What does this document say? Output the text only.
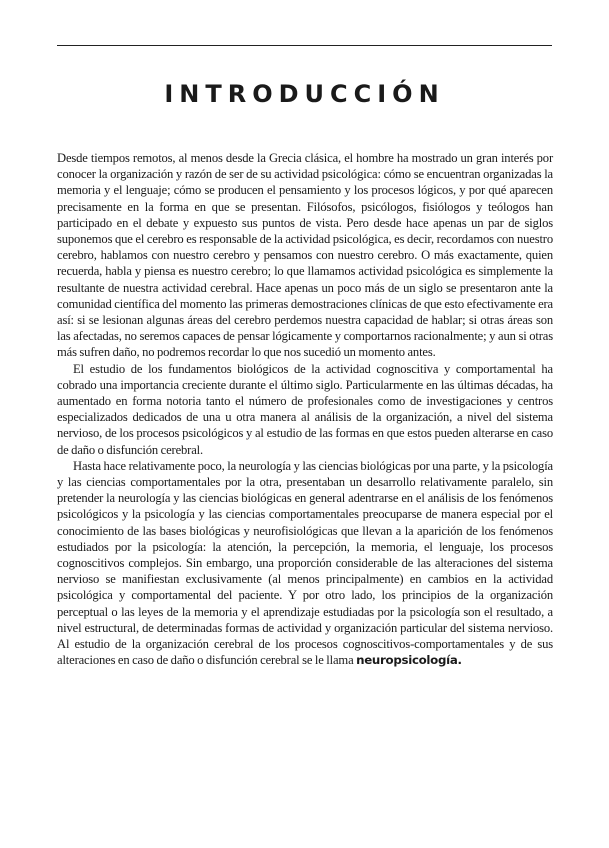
INTRODUCCIÓN

Desde tiempos remotos, al menos desde la Grecia clásica, el hombre ha mostrado un gran interés por conocer la organización y razón de ser de su actividad psicológica: cómo se encuentran organizadas la memoria y el lenguaje; cómo se producen el pensamiento y los procesos lógicos, y por qué aparecen precisamente en la forma en que se presentan. Filósofos, psicólogos, fisiólogos y teólogos han participado en el debate y expuesto sus puntos de vista. Pero desde hace apenas un par de siglos suponemos que el cerebro es responsable de la actividad psicológica, es decir, recordamos con nuestro cerebro, hablamos con nuestro cerebro y pensamos con nuestro cerebro. O más exactamente, quien recuerda, habla y piensa es nuestro cerebro; lo que llamamos actividad psicológica es simplemente la resultante de nuestra actividad cerebral. Hace apenas un poco más de un siglo se presentaron ante la comunidad científica del momento las primeras demostraciones clínicas de que esto efectivamente era así: si se lesionan algunas áreas del cerebro perdemos nuestra capacidad de hablar; si otras áreas son las afectadas, no seremos capaces de pensar lógicamente y comportarnos racionalmente; y aun si otras más sufren daño, no podremos recordar lo que nos sucedió un momento antes.

El estudio de los fundamentos biológicos de la actividad cognoscitiva y comportamental ha cobrado una importancia creciente durante el último siglo. Particularmente en las últimas décadas, ha aumentado en forma notoria tanto el número de profesionales como de investigaciones y centros especializados dedicados de una u otra manera al análisis de la organización, a nivel del sistema nervioso, de los procesos psicológicos y al estudio de las formas en que estos pueden alterarse en caso de daño o disfunción cerebral.

Hasta hace relativamente poco, la neurología y las ciencias biológicas por una parte, y la psicología y las ciencias comportamentales por la otra, presentaban un desarrollo relativamente paralelo, sin pretender la neurología y las ciencias biológicas en general adentrarse en el análisis de los fenómenos psicológicos y la psicología y las ciencias comportamentales preocuparse de manera especial por el conocimiento de las bases biológicas y neurofisiológicas que llevan a la aparición de los fenómenos estudiados por la psicología: la atención, la percepción, la memoria, el lenguaje, los procesos cognoscitivos complejos. Sin embargo, una proporción considerable de las alteraciones del sistema nervioso se manifiestan exclusivamente (al menos principalmente) en cambios en la actividad psicológica y comportamental del paciente. Y por otro lado, los principios de la organización perceptual o las leyes de la memoria y el aprendizaje estudiadas por la psicología son el resultado, a nivel estructural, de determinadas formas de actividad y organización particular del sistema nervioso. Al estudio de la organización cerebral de los procesos cognoscitivos-comportamentales y de sus alteraciones en caso de daño o disfunción cerebral se le llama neuropsicología.
